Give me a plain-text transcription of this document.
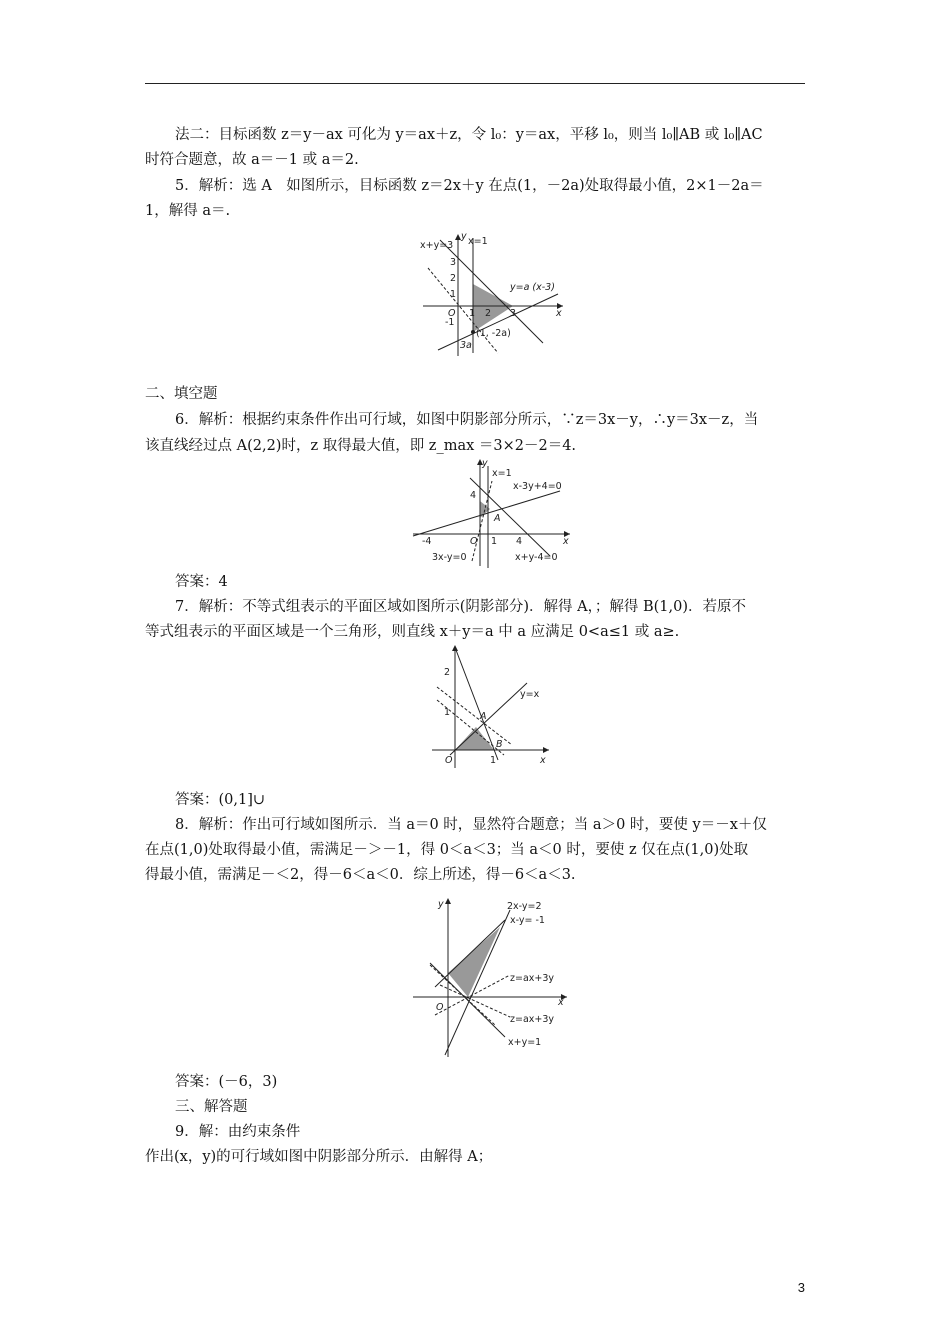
法二：目标函数 z＝y－ax 可化为 y＝ax＋z，令 l₀：y＝ax，平移 l₀，则当 l₀∥AB 或 l₀∥AC
时符合题意，故 a＝－1 或 a＝2.
5．解析：选 A　如图所示，目标函数 z＝2x＋y 在点(1，－2a)处取得最小值，2×1－2a＝
1，解得 a＝.
x+y=3
y x=1
3
2
1
O 1 2 3	x
-1
y=a (x-3)
(1, -2a)
3a
二、填空题
6．解析：根据约束条件作出可行域，如图中阴影部分所示，∵z＝3x－y，∴y＝3x－z，当
该直线经过点 A(2,2)时，z 取得最大值，即 z_max ＝3×2－2＝4.
y
x=1
4
x-3y+4=0
A
-4	O 1 4	x
3x-y=0	x+y-4=0
答案：4
7．解析：不等式组表示的平面区域如图所示(阴影部分)．解得 A，；解得 B(1,0)．若原不
等式组表示的平面区域是一个三角形，则直线 x＋y＝a 中 a 应满足 0<a≤1 或 a≥.
2
y=x
1	A
B
O	1	x
答案：(0,1]∪
8．解析：作出可行域如图所示．当 a＝0 时，显然符合题意；当 a＞0 时，要使 y＝－x＋仅
在点(1,0)处取得最小值，需满足－＞－1，得 0＜a＜3；当 a＜0 时，要使 z 仅在点(1,0)处取
得最小值，需满足－＜2，得－6＜a＜0．综上所述，得－6＜a＜3.
y	2x-y=2
x-y= -1
z=ax+3y
O	x
z=ax+3y
x+y=1
答案：(－6，3)
三、解答题
9．解：由约束条件
作出(x，y)的可行域如图中阴影部分所示．由解得 A；
3
